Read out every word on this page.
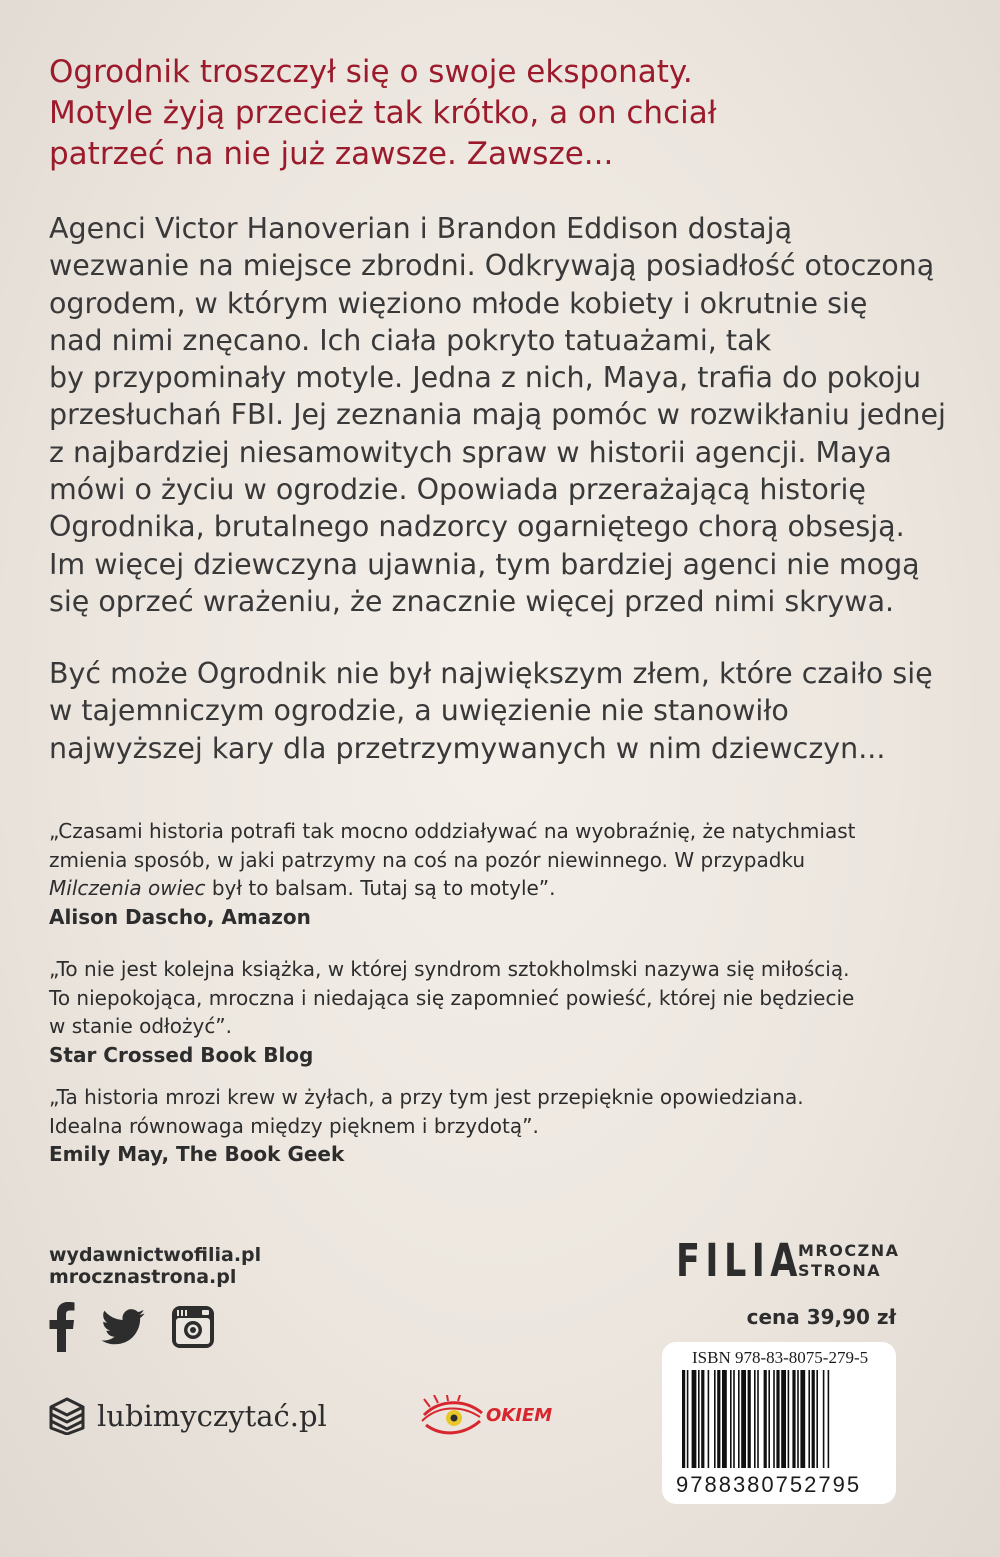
Ogrodnik troszczył się o swoje eksponaty.
Motyle żyją przecież tak krótko, a on chciał
patrzeć na nie już zawsze. Zawsze...
Agenci Victor Hanoverian i Brandon Eddison dostają
wezwanie na miejsce zbrodni. Odkrywają posiadłość otoczoną
ogrodem, w którym więziono młode kobiety i okrutnie się
nad nimi znęcano. Ich ciała pokryto tatuażami, tak
by przypominały motyle. Jedna z nich, Maya, trafia do pokoju
przesłuchań FBI. Jej zeznania mają pomóc w rozwikłaniu jednej
z najbardziej niesamowitych spraw w historii agencji. Maya
mówi o życiu w ogrodzie. Opowiada przerażającą historię
Ogrodnika, brutalnego nadzorcy ogarniętego chorą obsesją.
Im więcej dziewczyna ujawnia, tym bardziej agenci nie mogą
się oprzeć wrażeniu, że znacznie więcej przed nimi skrywa.
Być może Ogrodnik nie był największym złem, które czaiło się
w tajemniczym ogrodzie, a uwięzienie nie stanowiło
najwyższej kary dla przetrzymywanych w nim dziewczyn...
„Czasami historia potrafi tak mocno oddziaływać na wyobraźnię, że natychmiast
zmienia sposób, w jaki patrzymy na coś na pozór niewinnego. W przypadku
Milczenia owiec był to balsam. Tutaj są to motyle”.
Alison Dascho, Amazon
„To nie jest kolejna książka, w której syndrom sztokholmski nazywa się miłością.
To niepokojąca, mroczna i niedająca się zapomnieć powieść, której nie będziecie
w stanie odłożyć”.
Star Crossed Book Blog
„Ta historia mrozi krew w żyłach, a przy tym jest przepięknie opowiedziana.
Idealna równowaga między pięknem i brzydotą”.
Emily May, The Book Geek
wydawnictwofilia.pl
mrocznastrona.pl
lubimyczytać.pl	OKIEM
FILIA
MROCZNA
STRONA
cena 39,90 zł
ISBN 978-83-8075-279-5
9788380752795
